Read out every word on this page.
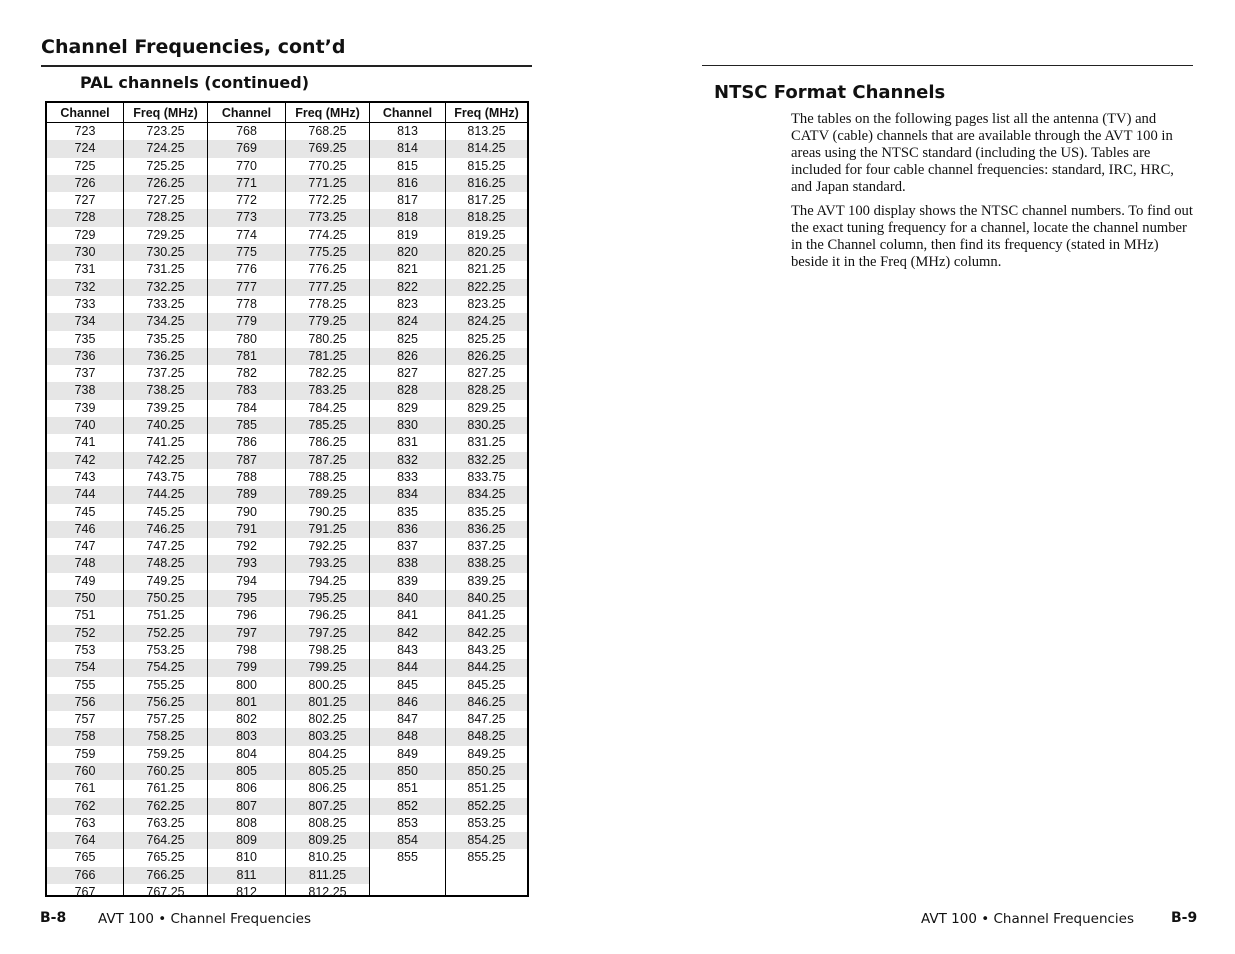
Channel Frequencies, cont’d
PAL channels (continued)
Channel
723
724
725
726
727
728
729
730
731
732
733
734
735
736
737
738
739
740
741
742
743
744
745
746
747
748
749
750
751
752
753
754
755
756
757
758
759
760
761
762
763
764
765
766
767
Freq (MHz)
723.25
724.25
725.25
726.25
727.25
728.25
729.25
730.25
731.25
732.25
733.25
734.25
735.25
736.25
737.25
738.25
739.25
740.25
741.25
742.25
743.75
744.25
745.25
746.25
747.25
748.25
749.25
750.25
751.25
752.25
753.25
754.25
755.25
756.25
757.25
758.25
759.25
760.25
761.25
762.25
763.25
764.25
765.25
766.25
767.25
Channel
768
769
770
771
772
773
774
775
776
777
778
779
780
781
782
783
784
785
786
787
788
789
790
791
792
793
794
795
796
797
798
799
800
801
802
803
804
805
806
807
808
809
810
811
812
Freq (MHz)
768.25
769.25
770.25
771.25
772.25
773.25
774.25
775.25
776.25
777.25
778.25
779.25
780.25
781.25
782.25
783.25
784.25
785.25
786.25
787.25
788.25
789.25
790.25
791.25
792.25
793.25
794.25
795.25
796.25
797.25
798.25
799.25
800.25
801.25
802.25
803.25
804.25
805.25
806.25
807.25
808.25
809.25
810.25
811.25
812.25
Channel
813
814
815
816
817
818
819
820
821
822
823
824
825
826
827
828
829
830
831
832
833
834
835
836
837
838
839
840
841
842
843
844
845
846
847
848
849
850
851
852
853
854
855
Freq (MHz)
813.25
814.25
815.25
816.25
817.25
818.25
819.25
820.25
821.25
822.25
823.25
824.25
825.25
826.25
827.25
828.25
829.25
830.25
831.25
832.25
833.75
834.25
835.25
836.25
837.25
838.25
839.25
840.25
841.25
842.25
843.25
844.25
845.25
846.25
847.25
848.25
849.25
850.25
851.25
852.25
853.25
854.25
855.25
NTSC Format Channels

The tables on the following pages list all the antenna (TV) and CATV (cable) channels that are available through the AVT 100 in areas using the NTSC standard (including the US). Tables are included for four cable channel frequencies: standard, IRC, HRC, and Japan standard.

The AVT 100 display shows the NTSC channel numbers. To find out the exact tuning frequency for a channel, locate the channel number in the Channel column, then find its frequency (stated in MHz) beside it in the Freq (MHz) column.

B-8 AVT 100 • Channel Frequencies	AVT 100 • Channel Frequencies	B-9
